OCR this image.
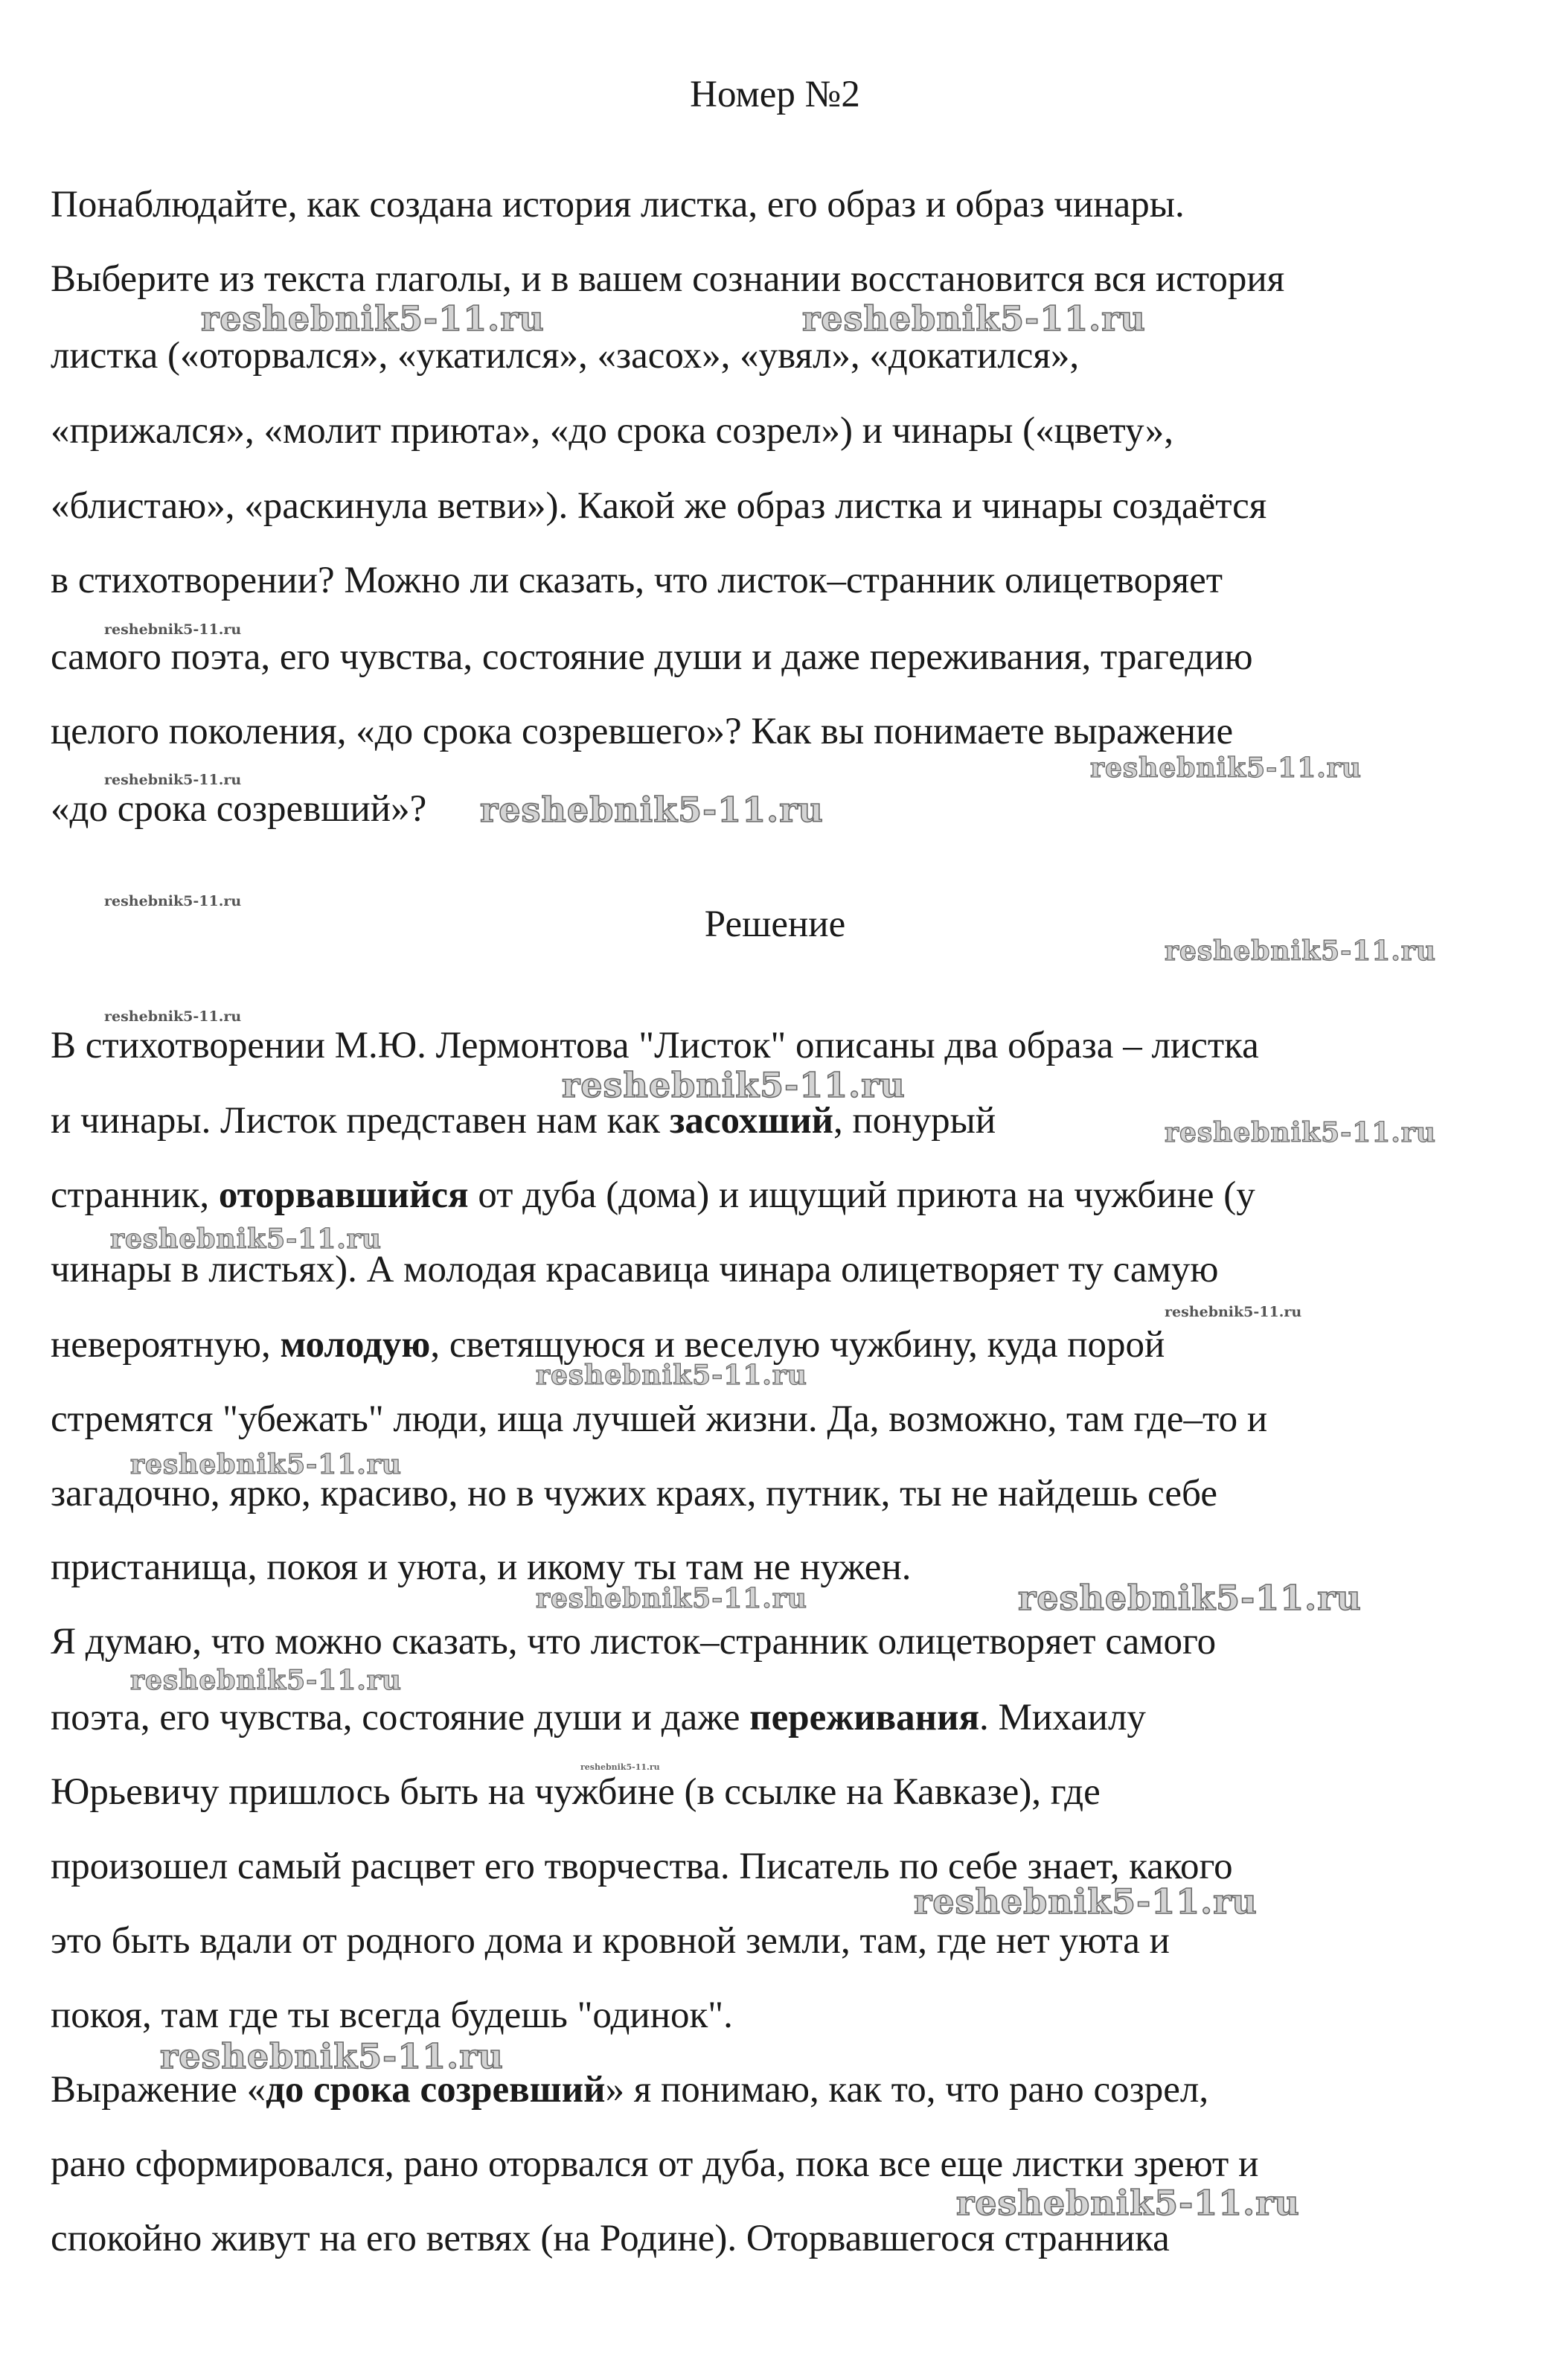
Номер №2
Понаблюдайте, как создана история листка, его образ и образ чинары.
Выберите из текста глаголы, и в вашем сознании восстановится вся история
листка («оторвался», «укатился», «засох», «увял», «докатился»,
«прижался», «молит приюта», «до срока созрел») и чинары («цвету»,
«блистаю», «раскинула ветви»). Какой же образ листка и чинары создаётся
в стихотворении? Можно ли сказать, что листок–странник олицетворяет
самого поэта, его чувства, состояние души и даже переживания, трагедию
целого поколения, «до срока созревшего»? Как вы понимаете выражение
«до срока созревший»?
Решение
В стихотворении М.Ю. Лермонтова "Листок" описаны два образа – листка
и чинары. Листок представен нам как засохший, понурый
странник, оторвавшийся от дуба (дома) и ищущий приюта на чужбине (у
чинары в листьях). А молодая красавица чинара олицетворяет ту самую
невероятную, молодую, светящуюся и веселую чужбину, куда порой
стремятся "убежать" люди, ища лучшей жизни. Да, возможно, там где–то и
загадочно, ярко, красиво, но в чужих краях, путник, ты не найдешь себе
пристанища, покоя и уюта, и икому ты там не нужен.
Я думаю, что можно сказать, что листок–странник олицетворяет самого
поэта, его чувства, состояние души и даже переживания. Михаилу
Юрьевичу пришлось быть на чужбине (в ссылке на Кавказе), где
произошел самый расцвет его творчества. Писатель по себе знает, какого
это быть вдали от родного дома и кровной земли, там, где нет уюта и
покоя, там где ты всегда будешь "одинок".
Выражение «до срока созревший» я понимаю, как то, что рано созрел,
рано сформировался, рано оторвался от дуба, пока все еще листки зреют и
спокойно живут на его ветвях (на Родине). Оторвавшегося странника
reshebnik5-11.ru	reshebnik5-11.ru
reshebnik5-11.ru
reshebnik5-11.ru	reshebnik5-11.ru
reshebnik5-11.ru
reshebnik5-11.ru
reshebnik5-11.ru
reshebnik5-11.ru
reshebnik5-11.ru
reshebnik5-11.ru
reshebnik5-11.ru
reshebnik5-11.ru
reshebnik5-11.ru
reshebnik5-11.ru
reshebnik5-11.ru	reshebnik5-11.ru
reshebnik5-11.ru
reshebnik5-11.ru
reshebnik5-11.ru
reshebnik5-11.ru
reshebnik5-11.ru
